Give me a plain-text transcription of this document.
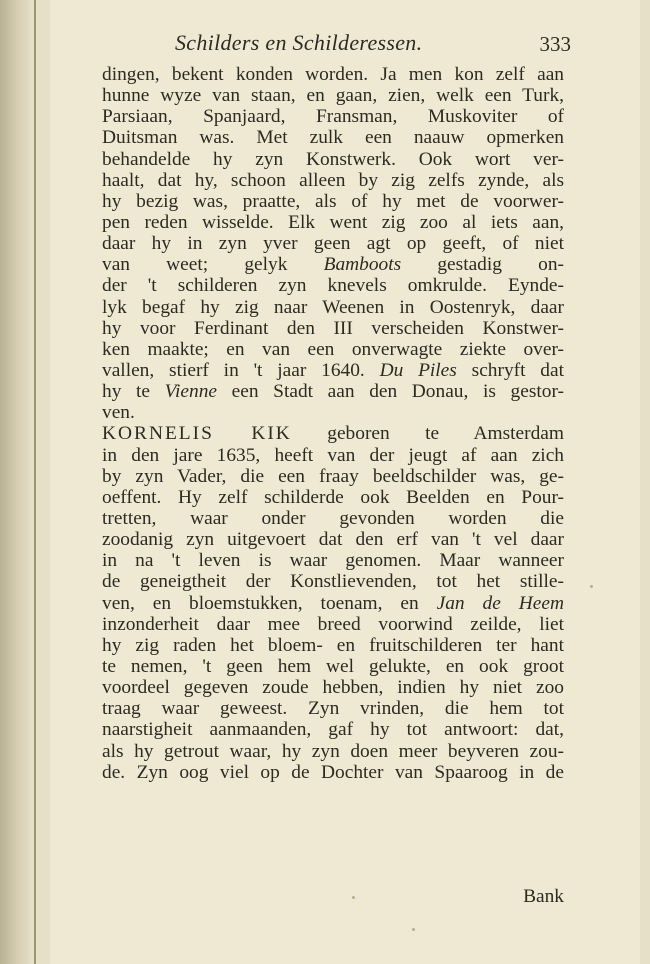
Schilders en Schilderessen.	333
dingen, bekent konden worden. Ja men kon zelf aan
hunne wyze van staan, en gaan, zien, welk een Turk,
Parsiaan, Spanjaard, Fransman, Muskoviter of
Duitsman was. Met zulk een naauw opmerken
behandelde hy zyn Konstwerk. Ook wort ver-
haalt, dat hy, schoon alleen by zig zelfs zynde, als
hy bezig was, praatte, als of hy met de voorwer-
pen reden wisselde. Elk went zig zoo al iets aan,
daar hy in zyn yver geen agt op geeft, of niet
van weet; gelyk Bamboots gestadig on-
der 't schilderen zyn knevels omkrulde. Eynde-
lyk begaf hy zig naar Weenen in Oostenryk, daar
hy voor Ferdinant den III verscheiden Konstwer-
ken maakte; en van een onverwagte ziekte over-
vallen, stierf in 't jaar 1640. Du Piles schryft dat
hy te Vienne een Stadt aan den Donau, is gestor-
ven.
KORNELIS KIK geboren te Amsterdam
in den jare 1635, heeft van der jeugt af aan zich
by zyn Vader, die een fraay beeldschilder was, ge-
oeffent. Hy zelf schilderde ook Beelden en Pour-
tretten, waar onder gevonden worden die
zoodanig zyn uitgevoert dat den erf van 't vel daar
in na 't leven is waar genomen. Maar wanneer
de geneigtheit der Konstlievenden, tot het stille-
ven, en bloemstukken, toenam, en Jan de Heem
inzonderheit daar mee breed voorwind zeilde, liet
hy zig raden het bloem- en fruitschilderen ter hant
te nemen, 't geen hem wel gelukte, en ook groot
voordeel gegeven zoude hebben, indien hy niet zoo
traag waar geweest. Zyn vrinden, die hem tot
naarstigheit aanmaanden, gaf hy tot antwoort: dat,
als hy getrout waar, hy zyn doen meer beyveren zou-
de. Zyn oog viel op de Dochter van Spaaroog in de
Bank
